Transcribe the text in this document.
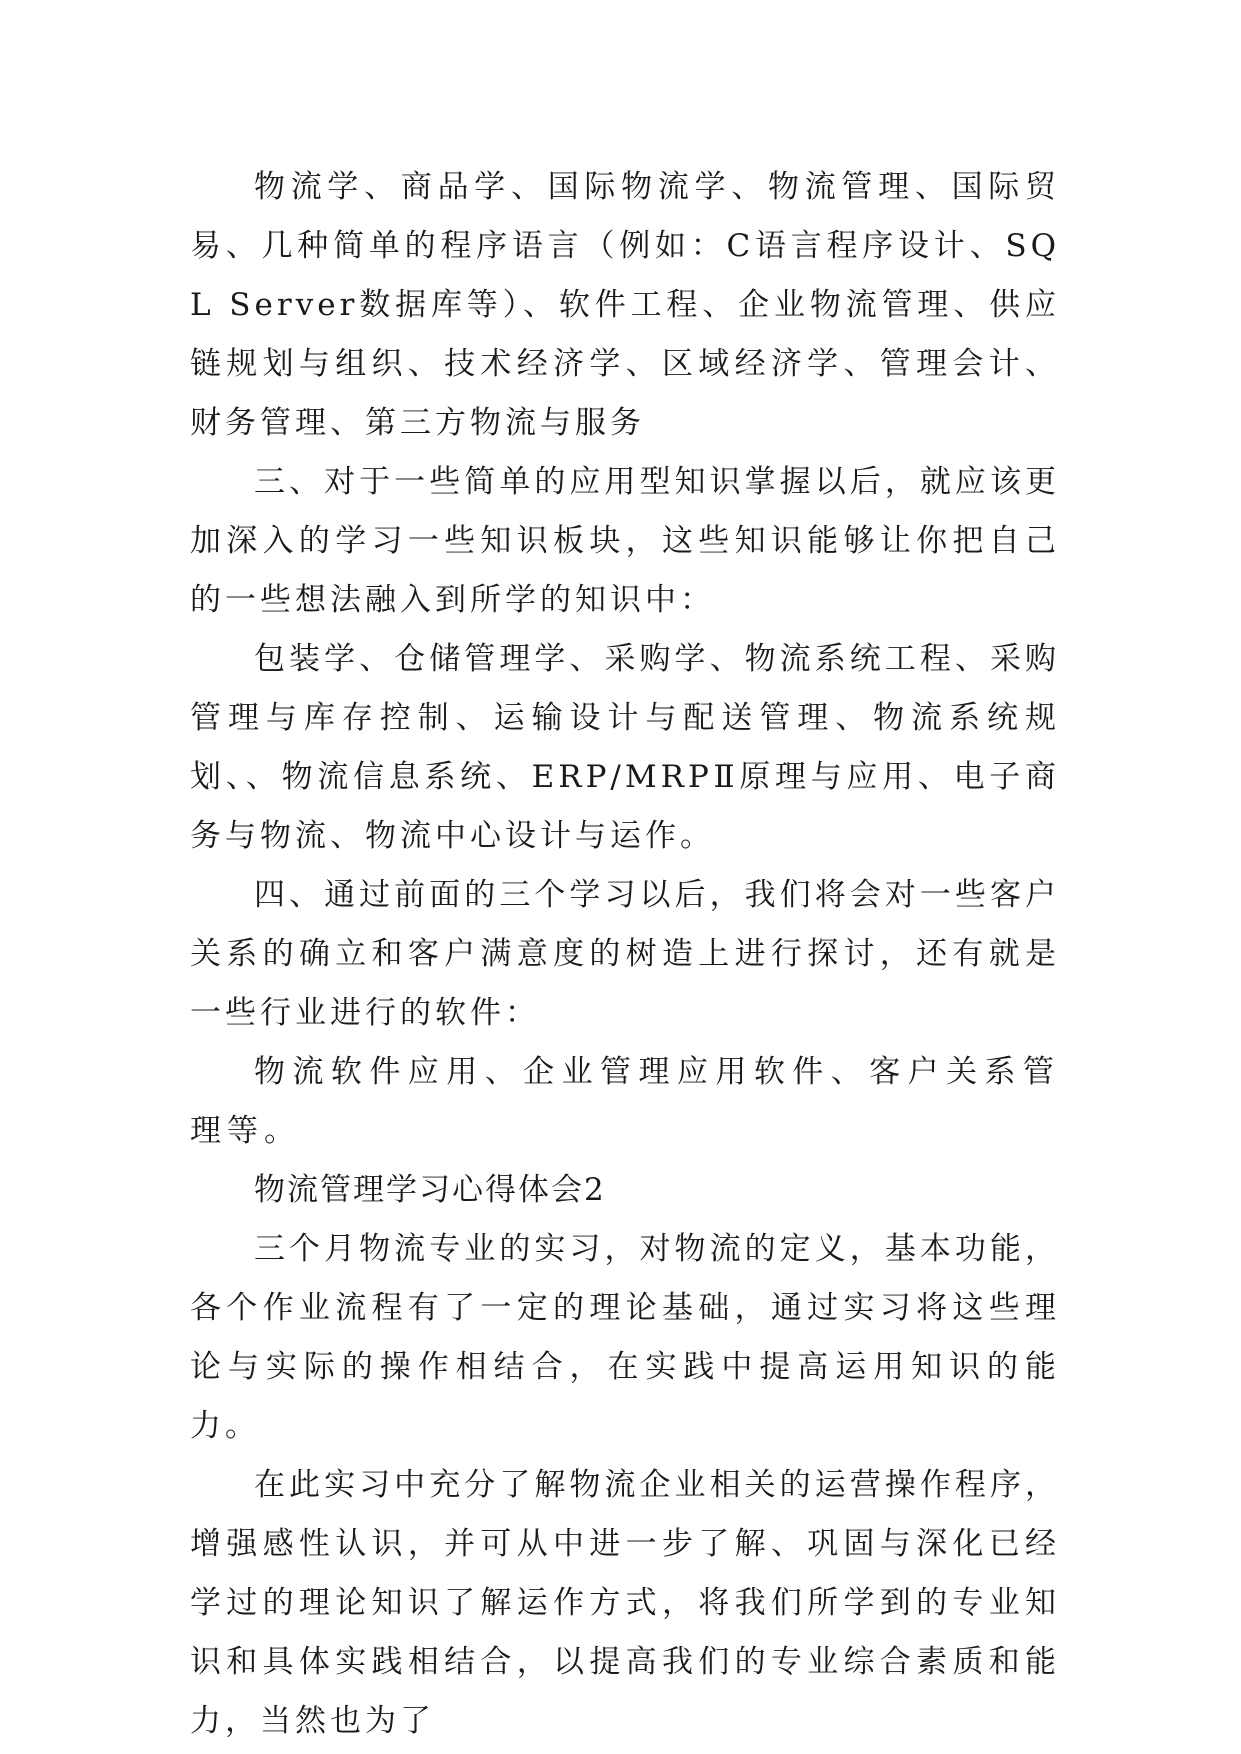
物流学、商品学、国际物流学、物流管理、国际贸易、几种简单的程序语言（例如：C语言程序设计、SQL Server数据库等）、软件工程、企业物流管理、供应链规划与组织、技术经济学、区域经济学、管理会计、财务管理、第三方物流与服务

三、对于一些简单的应用型知识掌握以后，就应该更加深入的学习一些知识板块，这些知识能够让你把自己的一些想法融入到所学的知识中：

包装学、仓储管理学、采购学、物流系统工程、采购管理与库存控制、运输设计与配送管理、物流系统规划、、物流信息系统、ERP/MRPⅡ原理与应用、电子商务与物流、物流中心设计与运作。

四、通过前面的三个学习以后，我们将会对一些客户关系的确立和客户满意度的树造上进行探讨，还有就是一些行业进行的软件：

物流软件应用、企业管理应用软件、客户关系管理等。

物流管理学习心得体会2

三个月物流专业的实习，对物流的定义，基本功能，各个作业流程有了一定的理论基础，通过实习将这些理论与实际的操作相结合，在实践中提高运用知识的能力。

在此实习中充分了解物流企业相关的运营操作程序，增强感性认识，并可从中进一步了解、巩固与深化已经学过的理论知识了解运作方式，将我们所学到的专业知识和具体实践相结合，以提高我们的专业综合素质和能力，当然也为了
